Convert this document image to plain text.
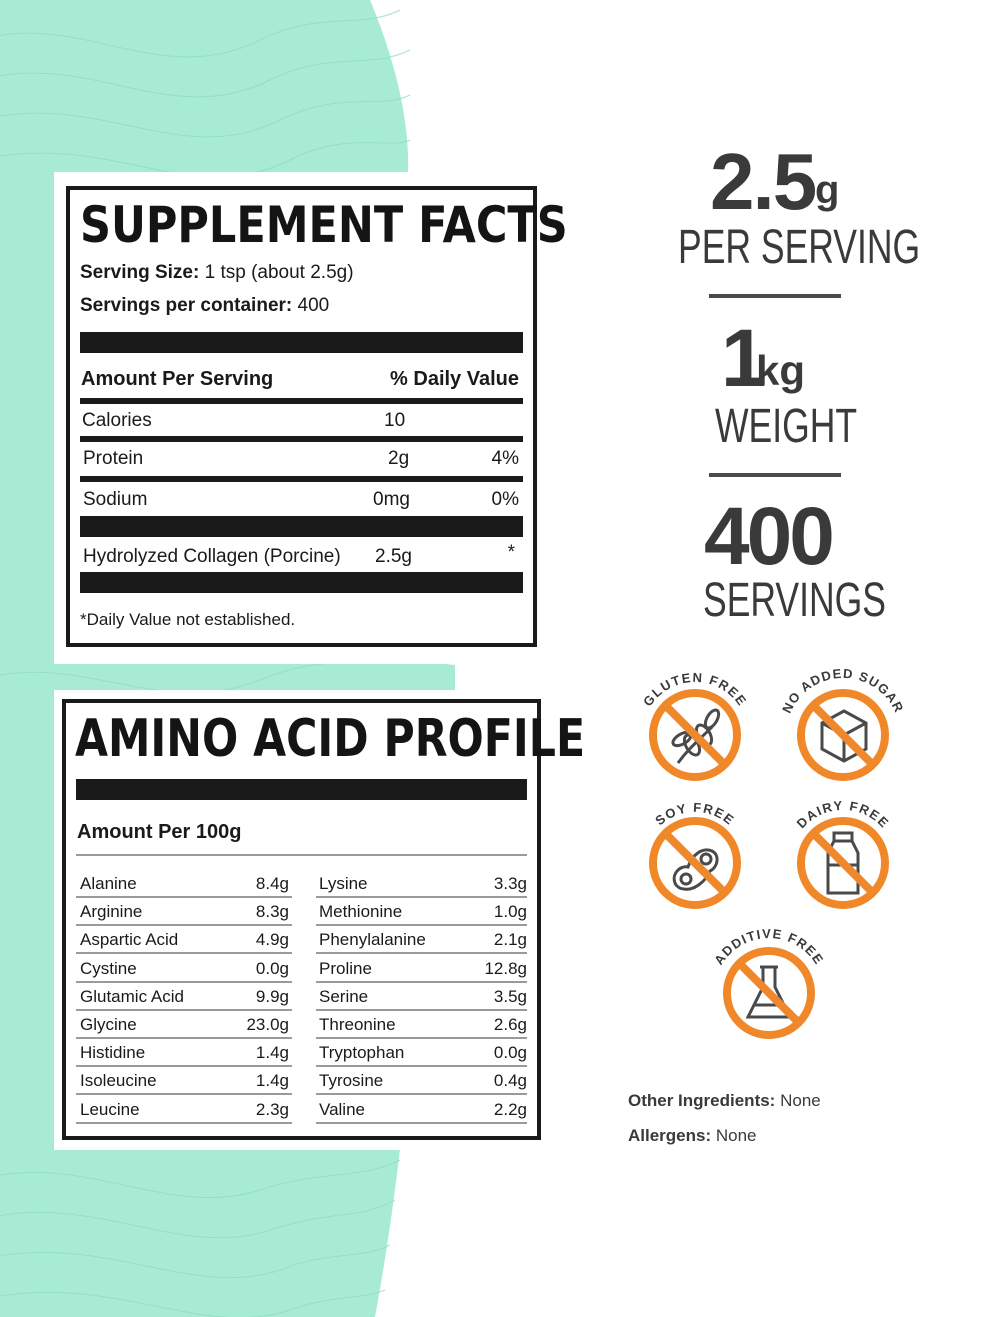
SUPPLEMENT FACTS
Serving Size: 1 tsp (about 2.5g)
Servings per container: 400
Amount Per Serving	% Daily Value
Calories	10
Protein	2g	4%
Sodium	0mg	0%
Hydrolyzed Collagen (Porcine) 2.5g	*
*Daily Value not established.
AMINO ACID PROFILE
Amount Per 100g
Alanine	8.4g
Arginine	8.3g
Aspartic Acid	4.9g
Cystine	0.0g
Glutamic Acid	9.9g
Glycine	23.0g
Histidine	1.4g
Isoleucine	1.4g
Leucine	2.3g
Lysine	3.3g
Methionine	1.0g
Phenylalanine	2.1g
Proline	12.8g
Serine	3.5g
Threonine	2.6g
Tryptophan	0.0g
Tyrosine	0.4g
Valine	2.2g
2.5 g
PER SERVING
1
kg
WEIGHT
400
SERVINGS
GLUTEN FREE NO ADDED SUGAR
SOY FREE	DAIRY FREE
ADDITIVE FREE
Other Ingredients: None
Allergens: None
